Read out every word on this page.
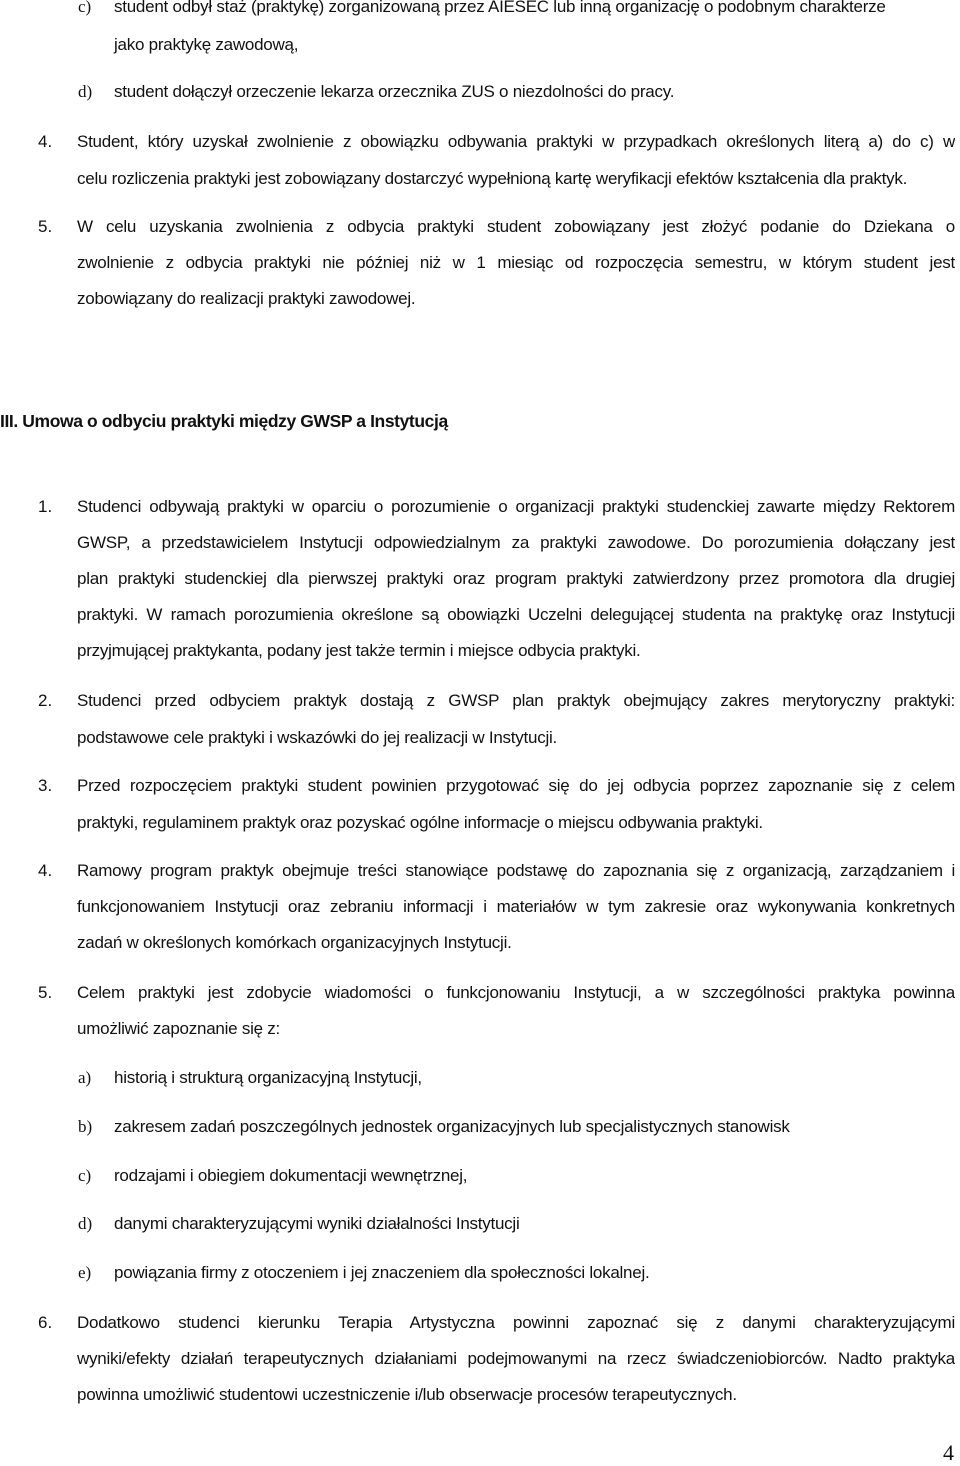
c) student odbył staż (praktykę) zorganizowaną przez AIESEC lub inną organizację o podobnym charakterze
jako praktykę zawodową,
d) student dołączył orzeczenie lekarza orzecznika ZUS o niezdolności do pracy.
4. Student, który uzyskał zwolnienie z obowiązku odbywania praktyki w przypadkach określonych literą a) do c) w
celu rozliczenia praktyki jest zobowiązany dostarczyć wypełnioną kartę weryfikacji efektów kształcenia dla praktyk.
5. W celu uzyskania zwolnienia z odbycia praktyki student zobowiązany jest złożyć podanie do Dziekana o
zwolnienie z odbycia praktyki nie później niż w 1 miesiąc od rozpoczęcia semestru, w którym student jest
zobowiązany do realizacji praktyki zawodowej.
III. Umowa o odbyciu praktyki między GWSP a Instytucją
1. Studenci odbywają praktyki w oparciu o porozumienie o organizacji praktyki studenckiej zawarte między Rektorem
GWSP, a przedstawicielem Instytucji odpowiedzialnym za praktyki zawodowe. Do porozumienia dołączany jest
plan praktyki studenckiej dla pierwszej praktyki oraz program praktyki zatwierdzony przez promotora dla drugiej
praktyki. W ramach porozumienia określone są obowiązki Uczelni delegującej studenta na praktykę oraz Instytucji
przyjmującej praktykanta, podany jest także termin i miejsce odbycia praktyki.
2. Studenci przed odbyciem praktyk dostają z GWSP plan praktyk obejmujący zakres merytoryczny praktyki:
podstawowe cele praktyki i wskazówki do jej realizacji w Instytucji.
3. Przed rozpoczęciem praktyki student powinien przygotować się do jej odbycia poprzez zapoznanie się z celem
praktyki, regulaminem praktyk oraz pozyskać ogólne informacje o miejscu odbywania praktyki.
4. Ramowy program praktyk obejmuje treści stanowiące podstawę do zapoznania się z organizacją, zarządzaniem i
funkcjonowaniem Instytucji oraz zebraniu informacji i materiałów w tym zakresie oraz wykonywania konkretnych
zadań w określonych komórkach organizacyjnych Instytucji.
5. Celem praktyki jest zdobycie wiadomości o funkcjonowaniu Instytucji, a w szczególności praktyka powinna
umożliwić zapoznanie się z:
a) historią i strukturą organizacyjną Instytucji,
b) zakresem zadań poszczególnych jednostek organizacyjnych lub specjalistycznych stanowisk
c) rodzajami i obiegiem dokumentacji wewnętrznej,
d) danymi charakteryzującymi wyniki działalności Instytucji
e) powiązania firmy z otoczeniem i jej znaczeniem dla społeczności lokalnej.
6. Dodatkowo studenci kierunku Terapia Artystyczna powinni zapoznać się z danymi charakteryzującymi
wyniki/efekty działań terapeutycznych działaniami podejmowanymi na rzecz świadczeniobiorców. Nadto praktyka
powinna umożliwić studentowi uczestniczenie i/lub obserwacje procesów terapeutycznych.
4
